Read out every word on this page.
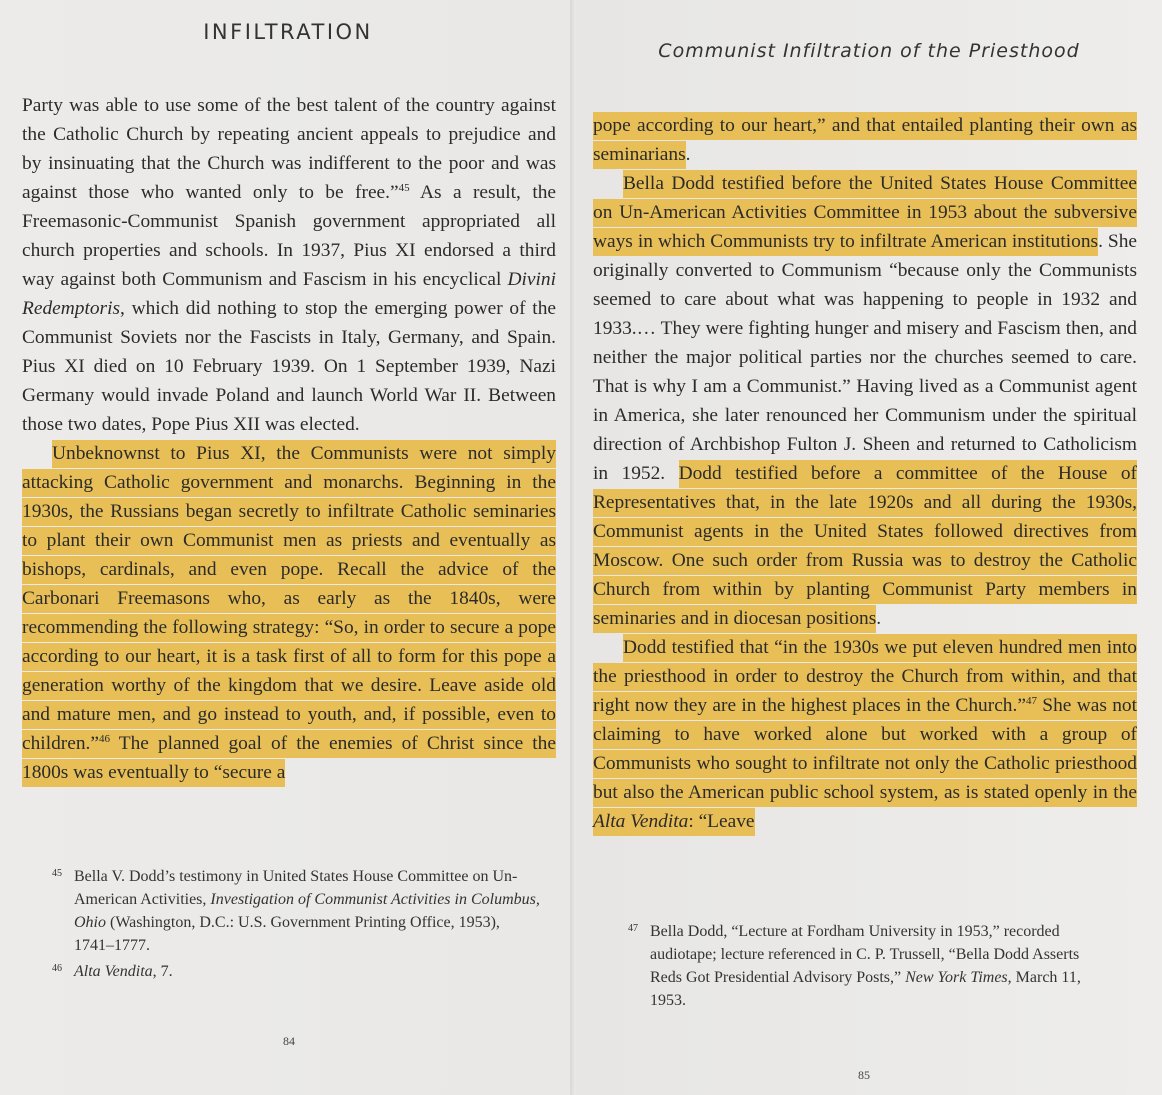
INFILTRATION

Party was able to use some of the best talent of the country against the Catholic Church by repeating ancient appeals to prejudice and by insinuating that the Church was indifferent to the poor and was against those who wanted only to be free.”$^{45}$ As a result, the Freemasonic-Communist Spanish government appropriated all church properties and schools. In 1937, Pius XI endorsed a third way against both Communism and Fascism in his encyclical Divini Redemptoris, which did nothing to stop the emerging power of the Communist Soviets nor the Fascists in Italy, Germany, and Spain. Pius XI died on 10 February 1939. On 1 September 1939, Nazi Germany would invade Poland and launch World War II. Between those two dates, Pope Pius XII was elected.

Unbeknownst to Pius XI, the Communists were not simply attacking Catholic government and monarchs. Beginning in the 1930s, the Russians began secretly to infiltrate Catholic seminaries to plant their own Communist men as priests and eventually as bishops, cardinals, and even pope. Recall the advice of the Carbonari Freemasons who, as early as the 1840s, were recommending the following strategy: “So, in order to secure a pope according to our heart, it is a task first of all to form for this pope a generation worthy of the kingdom that we desire. Leave aside old and mature men, and go instead to youth, and, if possible, even to children.”$^{46}$ The planned goal of the enemies of Christ since the 1800s was eventually to “secure a

45 Bella V. Dodd’s testimony in United States House Committee on Un-American Activities, Investigation of Communist Activities in Columbus, Ohio (Washington, D.C.: U.S. Government Printing Office, 1953), 1741–1777.

46 Alta Vendita, 7.

84
Communist Infiltration of the Priesthood

pope according to our heart,” and that entailed planting their own as seminarians.

Bella Dodd testified before the United States House Committee on Un-American Activities Committee in 1953 about the subversive ways in which Communists try to infiltrate American institutions. She originally converted to Communism “because only the Communists seemed to care about what was happening to people in 1932 and 1933.… They were fighting hunger and misery and Fascism then, and neither the major political parties nor the churches seemed to care. That is why I am a Communist.” Having lived as a Communist agent in America, she later renounced her Communism under the spiritual direction of Archbishop Fulton J. Sheen and returned to Catholicism in 1952. Dodd testified before a committee of the House of Representatives that, in the late 1920s and all during the 1930s, Communist agents in the United States followed directives from Moscow. One such order from Russia was to destroy the Catholic Church from within by planting Communist Party members in seminaries and in diocesan positions.

Dodd testified that “in the 1930s we put eleven hundred men into the priesthood in order to destroy the Church from within, and that right now they are in the highest places in the Church.”$^{47}$ She was not claiming to have worked alone but worked with a group of Communists who sought to infiltrate not only the Catholic priesthood but also the American public school system, as is stated openly in the Alta Vendita: “Leave

47 Bella Dodd, “Lecture at Fordham University in 1953,” recorded audiotape; lecture referenced in C. P. Trussell, “Bella Dodd Asserts Reds Got Presidential Advisory Posts,” New York Times, March 11, 1953.

85
